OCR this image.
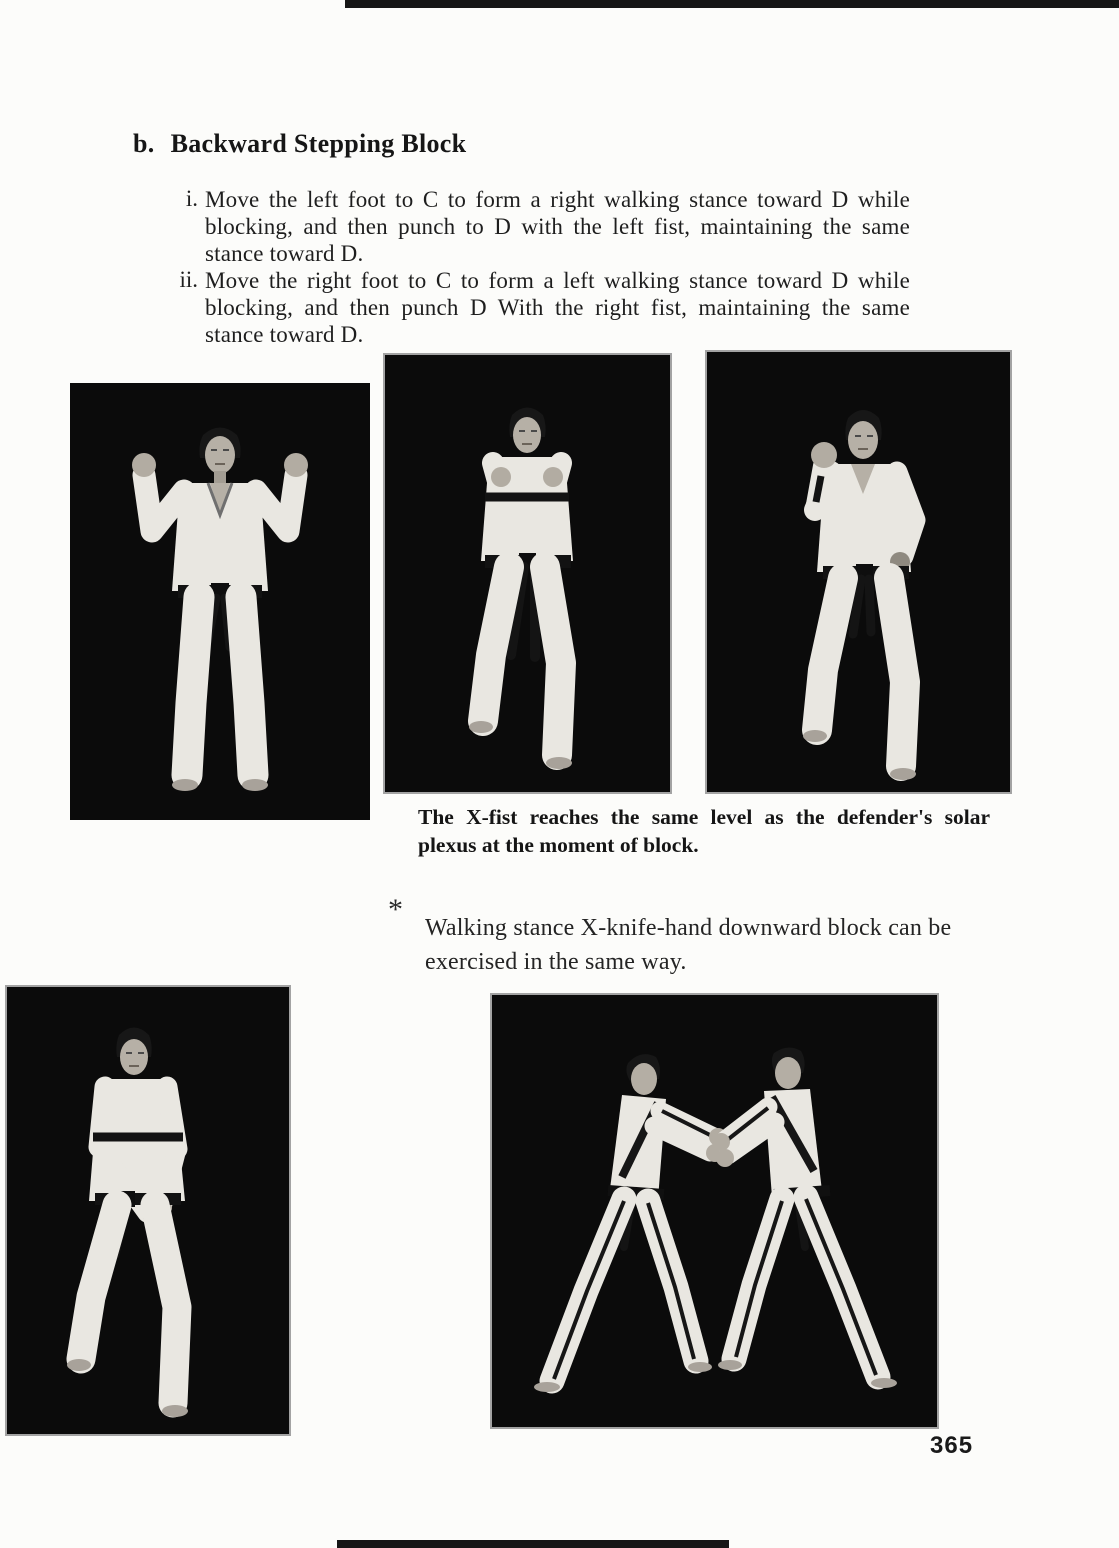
b. Backward Stepping Block
i. Move the left foot to C to form a right walking stance toward D while blocking, and then punch to D with the left fist, maintaining the same stance toward D.

ii. Move the right foot to C to form a left walking stance toward D while blocking, and then punch D With the right fist, maintaining the same stance toward D.

The X-fist reaches the same level as the defender's solar plexus at the moment of block.

*

Walking stance X-knife-hand downward block can be exercised in the same way.

365
